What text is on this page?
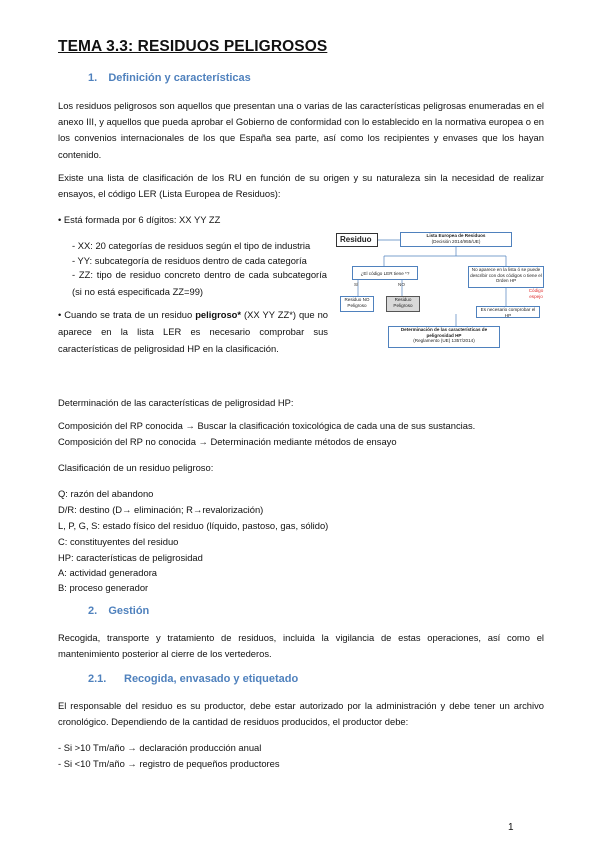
TEMA 3.3: RESIDUOS PELIGROSOS
1. Definición y características

Los residuos peligrosos son aquellos que presentan una o varias de las características peligrosas enumeradas en el anexo III, y aquellos que pueda aprobar el Gobierno de conformidad con lo establecido en la normativa europea o en los convenios internacionales de los que España sea parte, así como los recipientes y envases que los hayan contenido.

Existe una lista de clasificación de los RU en función de su origen y su naturaleza sin la necesidad de realizar ensayos, el código LER (Lista Europea de Residuos):

• Está formada por 6 dígitos: XX YY ZZ
- XX: 20 categorías de residuos según el tipo de industria
- YY: subcategoría de residuos dentro de cada categoría

- ZZ: tipo de residuo concreto dentro de cada subcategoría (si no está especificada ZZ=99)

• Cuando se trata de un residuo peligroso* (XX YY ZZ*) que no aparece en la lista LER es necesario comprobar sus características de peligrosidad HP en la clasificación.

Residuo	Lista Europea de Residuos
(Decisión 2014/955/UE)
¿El código LER tiene *?
No aparece en la lista ó se puede describir con dos códigos o tiene el Orden HP
SÍ	NO
Código espejo
Residuo NO Peligroso
Residuo Peligroso
Es necesario comprobar el HP
Determinación de las características de peligrosidad HP
(Reglamento (UE) 1357/2014)
Determinación de las características de peligrosidad HP:
Composición del RP conocida → Buscar la clasificación toxicológica de cada una de sus sustancias.
Composición del RP no conocida → Determinación mediante métodos de ensayo
Clasificación de un residuo peligroso:
Q: razón del abandono
D/R: destino (D→ eliminación; R→revalorización)
L, P, G, S: estado físico del residuo (líquido, pastoso, gas, sólido)
C: constituyentes del residuo
HP: características de peligrosidad
A: actividad generadora
B: proceso generador
2. Gestión

Recogida, transporte y tratamiento de residuos, incluida la vigilancia de estas operaciones, así como el mantenimiento posterior al cierre de los vertederos.

2.1. Recogida, envasado y etiquetado

El responsable del residuo es su productor, debe estar autorizado por la administración y debe tener un archivo cronológico. Dependiendo de la cantidad de residuos producidos, el productor debe:

- Si >10 Tm/año → declaración producción anual
- Si <10 Tm/año → registro de pequeños productores
1
